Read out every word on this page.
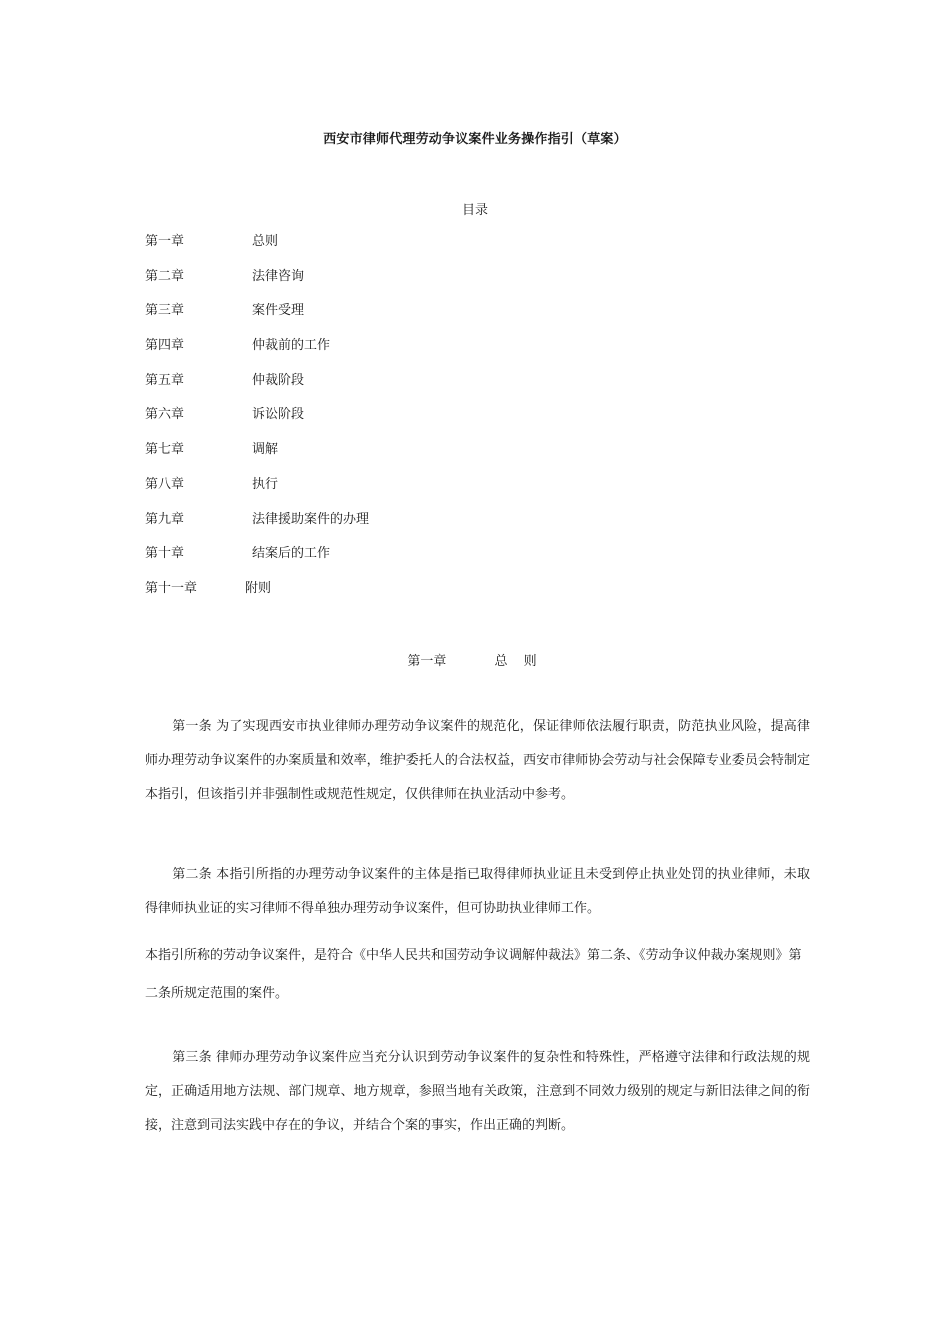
西安市律师代理劳动争议案件业务操作指引（草案）
目录
第一章	总则
第二章	法律咨询
第三章	案件受理
第四章	仲裁前的工作
第五章	仲裁阶段
第六章	诉讼阶段
第七章	调解
第八章	执行
第九章	法律援助案件的办理
第十章	结案后的工作
第十一章	附则
第一章	总 则
第一条 为了实现西安市执业律师办理劳动争议案件的规范化，保证律师依法履行职责，防范执业风险，提高律师办理劳动争议案件的办案质量和效率，维护委托人的合法权益，西安市律师协会劳动与社会保障专业委员会特制定本指引，但该指引并非强制性或规范性规定，仅供律师在执业活动中参考。
第二条 本指引所指的办理劳动争议案件的主体是指已取得律师执业证且未受到停止执业处罚的执业律师，未取得律师执业证的实习律师不得单独办理劳动争议案件，但可协助执业律师工作。
本指引所称的劳动争议案件，是符合《中华人民共和国劳动争议调解仲裁法》第二条、《劳动争议仲裁办案规则》第二条所规定范围的案件。
第三条 律师办理劳动争议案件应当充分认识到劳动争议案件的复杂性和特殊性，严格遵守法律和行政法规的规定，正确适用地方法规、部门规章、地方规章，参照当地有关政策，注意到不同效力级别的规定与新旧法律之间的衔接，注意到司法实践中存在的争议，并结合个案的事实，作出正确的判断。
